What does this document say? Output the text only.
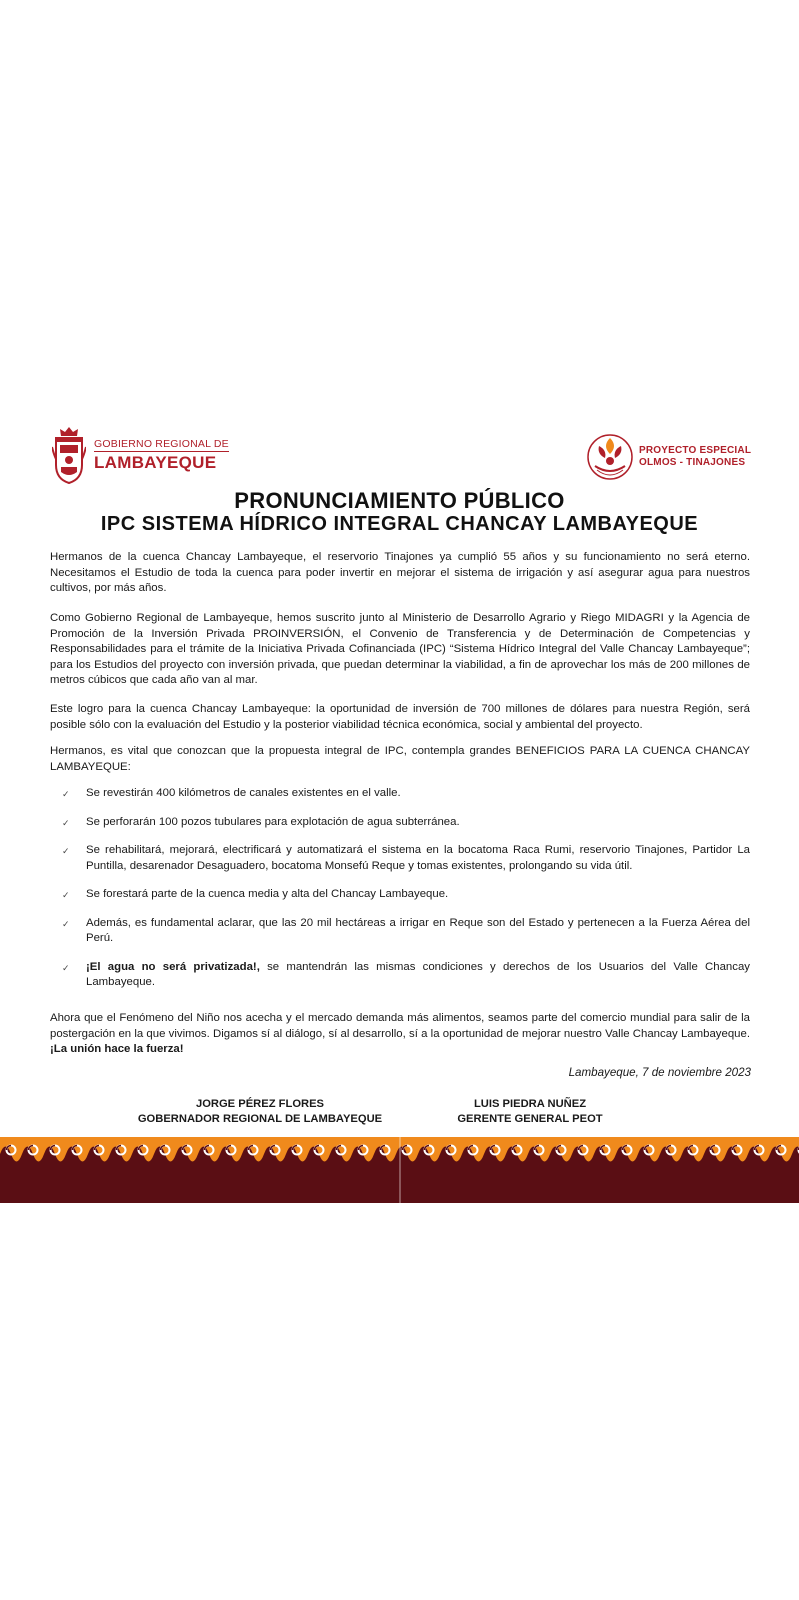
GOBIERNO REGIONAL DE
LAMBAYEQUE
PROYECTO ESPECIAL
OLMOS - TINAJONES
PRONUNCIAMIENTO PÚBLICO
IPC SISTEMA HÍDRICO INTEGRAL CHANCAY LAMBAYEQUE

Hermanos de la cuenca Chancay Lambayeque, el reservorio Tinajones ya cumplió 55 años y su funcionamiento no será eterno. Necesitamos el Estudio de toda la cuenca para poder invertir en mejorar el sistema de irrigación y así asegurar agua para nuestros cultivos, por más años.

Como Gobierno Regional de Lambayeque, hemos suscrito junto al Ministerio de Desarrollo Agrario y Riego MIDAGRI y la Agencia de Promoción de la Inversión Privada PROINVERSIÓN, el Convenio de Transferencia y de Determinación de Competencias y Responsabilidades para el trámite de la Iniciativa Privada Cofinanciada (IPC) “Sistema Hídrico Integral del Valle Chancay Lambayeque”; para los Estudios del proyecto con inversión privada, que puedan determinar la viabilidad, a fin de aprovechar los más de 200 millones de metros cúbicos que cada año van al mar.

Este logro para la cuenca Chancay Lambayeque: la oportunidad de inversión de 700 millones de dólares para nuestra Región, será posible sólo con la evaluación del Estudio y la posterior viabilidad técnica económica, social y ambiental del proyecto.

Hermanos, es vital que conozcan que la propuesta integral de IPC, contempla grandes BENEFICIOS PARA LA CUENCA CHANCAY LAMBAYEQUE:

✓ Se revestirán 400 kilómetros de canales existentes en el valle.
✓ Se perforarán 100 pozos tubulares para explotación de agua subterránea.
✓ Se rehabilitará, mejorará, electrificará y automatizará el sistema en la bocatoma Raca Rumi, reservorio Tinajones, Partidor La Puntilla, desarenador Desaguadero, bocatoma Monsefú Reque y tomas existentes, prolongando su vida útil.
✓ Se forestará parte de la cuenca media y alta del Chancay Lambayeque.
✓ Además, es fundamental aclarar, que las 20 mil hectáreas a irrigar en Reque son del Estado y pertenecen a la Fuerza Aérea del Perú.
✓ ¡El agua no será privatizada!, se mantendrán las mismas condiciones y derechos de los Usuarios del Valle Chancay Lambayeque.

Ahora que el Fenómeno del Niño nos acecha y el mercado demanda más alimentos, seamos parte del comercio mundial para salir de la postergación en la que vivimos. Digamos sí al diálogo, sí al desarrollo, sí a la oportunidad de mejorar nuestro Valle Chancay Lambayeque. ¡La unión hace la fuerza!

Lambayeque, 7 de noviembre 2023

JORGE PÉREZ FLORES
GOBERNADOR REGIONAL DE LAMBAYEQUE
LUIS PIEDRA NUÑEZ
GERENTE GENERAL PEOT
